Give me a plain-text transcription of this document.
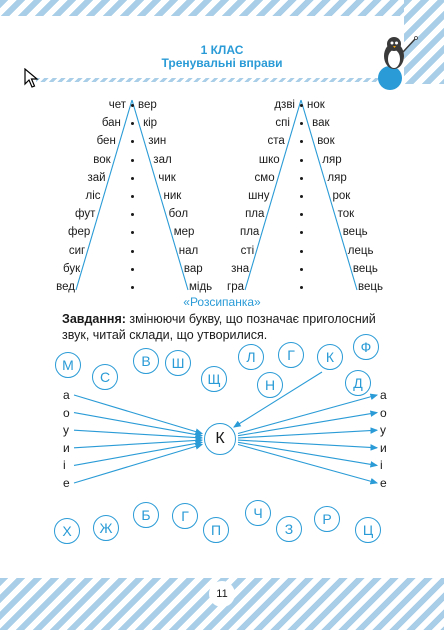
1 КЛАС
Тренувальні вправи
чет вер
бан кір
бен	зин
вок	зал
зай	чик
ліс	ник
фут	бол
фер	мер
сиг	нал
бук	вар
вед	мідь
дзві нок
спі вак
ста	вок
шко	ляр
смо	ляр
шну	рок
пла	ток
пла	вець
сті	лець
зна	вець
гра	вець
«Розсипанка»
Завдання: змінюючи букву, що позначає приголосний звук, читай склади, що утворилися.
М
С
В	Ш
Щ
Л
Н
Г	К
Ф
Д
Х	Ж
Б	Г
П
Ч
З
Р
Ц
а
о
у
и
і
е
а
о
у
и
і
е
К
11
